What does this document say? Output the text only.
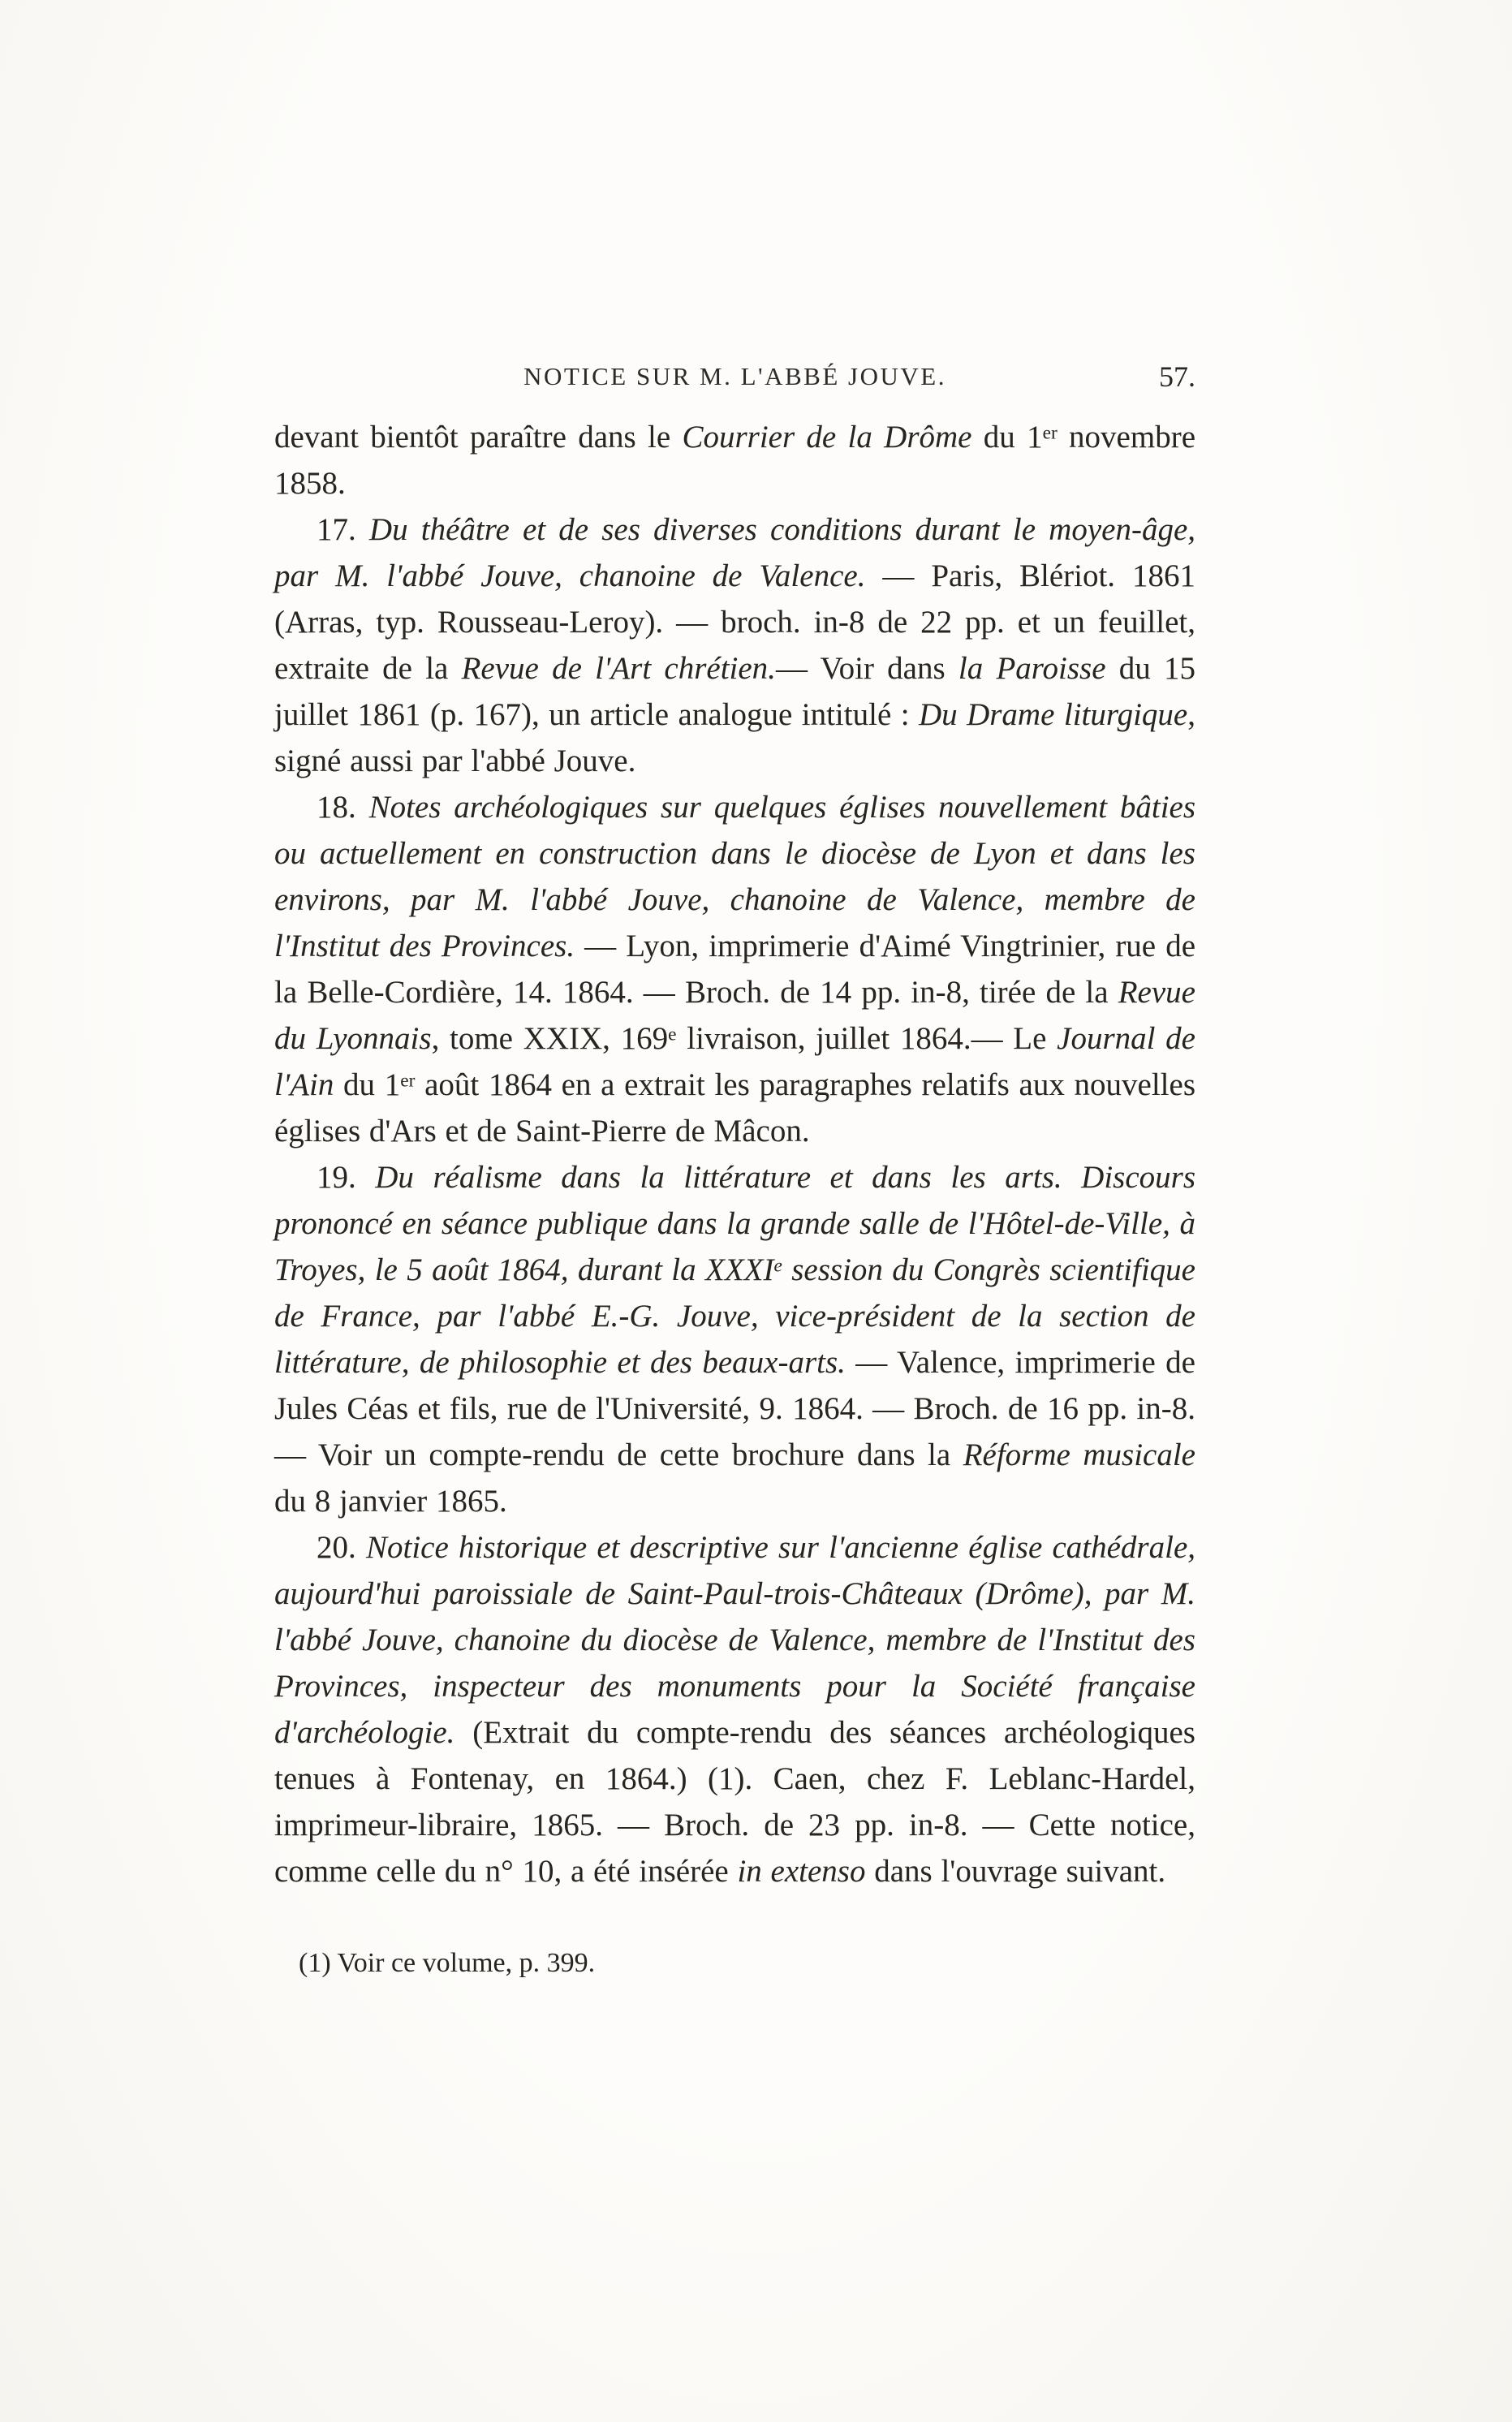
NOTICE SUR M. L'ABBÉ JOUVE.	57.

devant bientôt paraître dans le Courrier de la Drôme du 1er novembre 1858.

17. Du théâtre et de ses diverses conditions durant le moyen-âge, par M. l'abbé Jouve, chanoine de Valence. — Paris, Blériot. 1861 (Arras, typ. Rousseau-Leroy). — broch. in-8 de 22 pp. et un feuillet, extraite de la Revue de l'Art chrétien.— Voir dans la Paroisse du 15 juillet 1861 (p. 167), un article analogue intitulé : Du Drame liturgique, signé aussi par l'abbé Jouve.

18. Notes archéologiques sur quelques églises nouvellement bâties ou actuellement en construction dans le diocèse de Lyon et dans les environs, par M. l'abbé Jouve, chanoine de Valence, membre de l'Institut des Provinces. — Lyon, imprimerie d'Aimé Vingtrinier, rue de la Belle-Cordière, 14. 1864. — Broch. de 14 pp. in-8, tirée de la Revue du Lyonnais, tome XXIX, 169e livraison, juillet 1864.— Le Journal de l'Ain du 1er août 1864 en a extrait les paragraphes relatifs aux nouvelles églises d'Ars et de Saint-Pierre de Mâcon.

19. Du réalisme dans la littérature et dans les arts. Discours prononcé en séance publique dans la grande salle de l'Hôtel-de-Ville, à Troyes, le 5 août 1864, durant la XXXIe session du Congrès scientifique de France, par l'abbé E.-G. Jouve, vice-président de la section de littérature, de philosophie et des beaux-arts. — Valence, imprimerie de Jules Céas et fils, rue de l'Université, 9. 1864. — Broch. de 16 pp. in-8. — Voir un compte-rendu de cette brochure dans la Réforme musicale du 8 janvier 1865.

20. Notice historique et descriptive sur l'ancienne église cathédrale, aujourd'hui paroissiale de Saint-Paul-trois-Châteaux (Drôme), par M. l'abbé Jouve, chanoine du diocèse de Valence, membre de l'Institut des Provinces, inspecteur des monuments pour la Société française d'archéologie. (Extrait du compte-rendu des séances archéologiques tenues à Fontenay, en 1864.) (1). Caen, chez F. Leblanc-Hardel, imprimeur-libraire, 1865. — Broch. de 23 pp. in-8. — Cette notice, comme celle du n° 10, a été insérée in extenso dans l'ouvrage suivant.

(1) Voir ce volume, p. 399.
